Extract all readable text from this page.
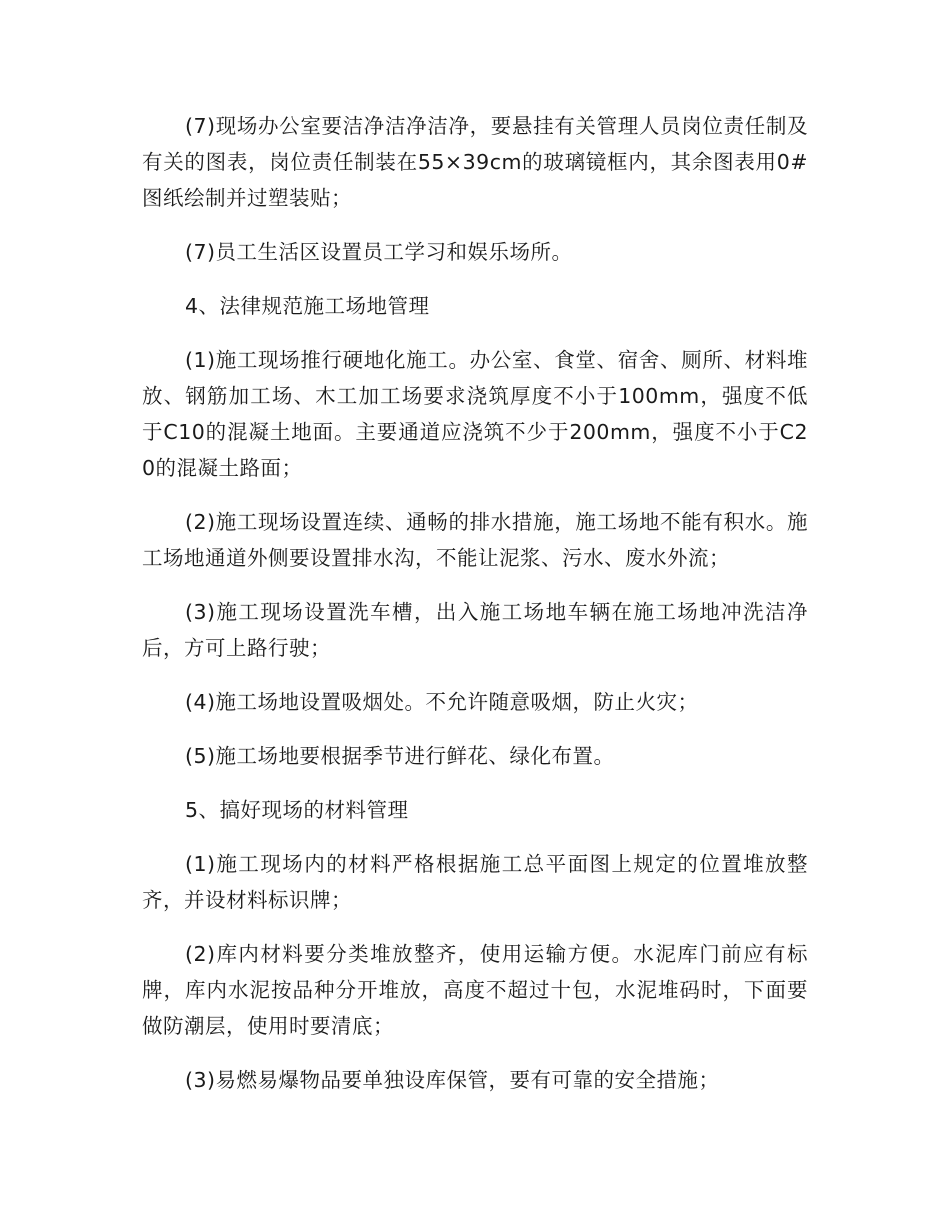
(7)现场办公室要洁净洁净洁净，要悬挂有关管理人员岗位责任制及有关的图表，岗位责任制装在55×39cm的玻璃镜框内，其余图表用0#图纸绘制并过塑装贴；

(7)员工生活区设置员工学习和娱乐场所。

4、法律规范施工场地管理

(1)施工现场推行硬地化施工。办公室、食堂、宿舍、厕所、材料堆放、钢筋加工场、木工加工场要求浇筑厚度不小于100mm，强度不低于C10的混凝土地面。主要通道应浇筑不少于200mm，强度不小于C20的混凝土路面；

(2)施工现场设置连续、通畅的排水措施，施工场地不能有积水。施工场地通道外侧要设置排水沟，不能让泥浆、污水、废水外流；

(3)施工现场设置洗车槽，出入施工场地车辆在施工场地冲洗洁净后，方可上路行驶；

(4)施工场地设置吸烟处。不允许随意吸烟，防止火灾；

(5)施工场地要根据季节进行鲜花、绿化布置。

5、搞好现场的材料管理

(1)施工现场内的材料严格根据施工总平面图上规定的位置堆放整齐，并设材料标识牌；

(2)库内材料要分类堆放整齐，使用运输方便。水泥库门前应有标牌，库内水泥按品种分开堆放，高度不超过十包，水泥堆码时，下面要做防潮层，使用时要清底；

(3)易燃易爆物品要单独设库保管，要有可靠的安全措施；
